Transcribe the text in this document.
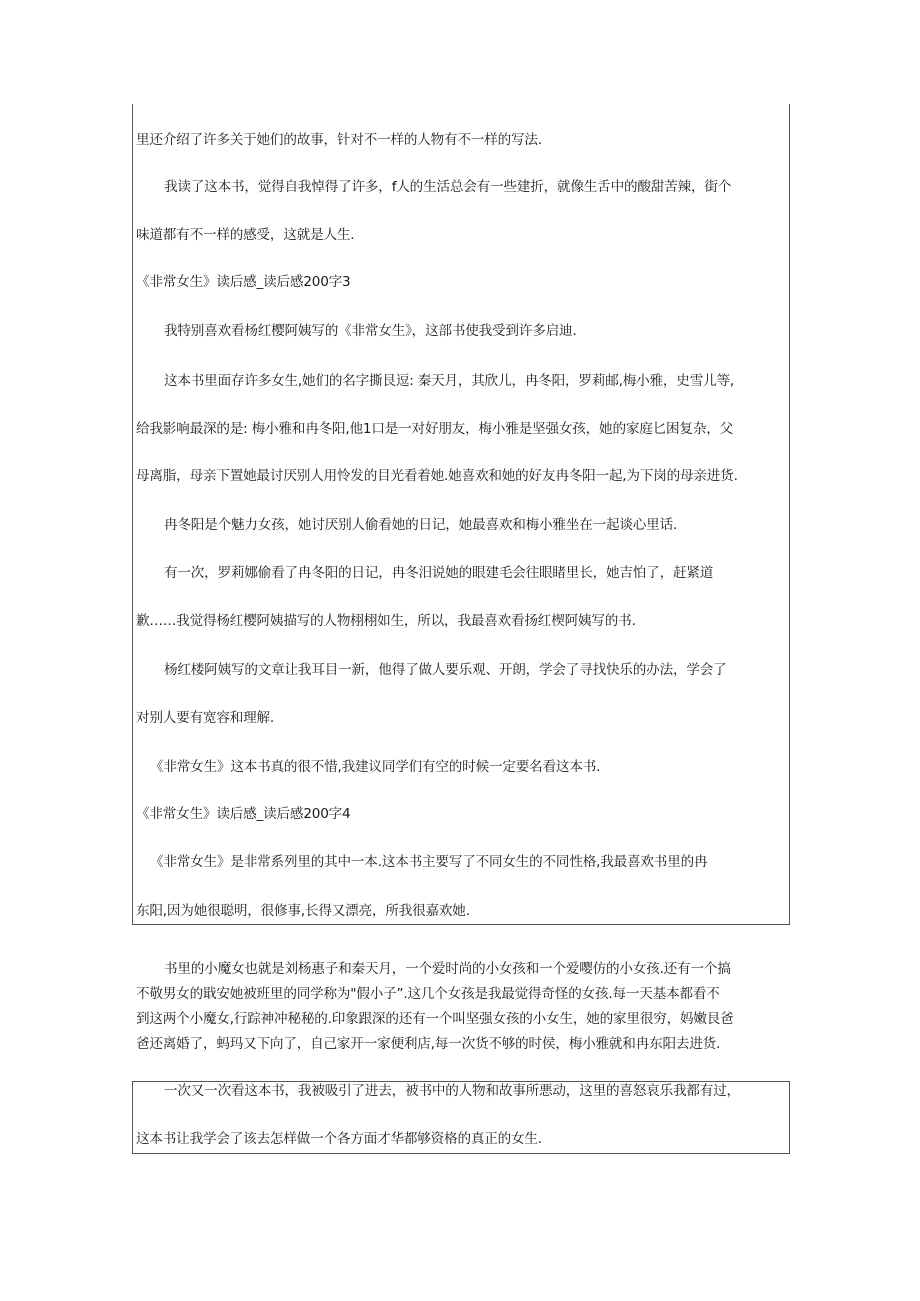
里还介绍了许多关于她们的故事，针对不一样的人物有不一样的写法.

我读了这本书，觉得自我悼得了许多，f人的生活总会有一些建折，就像生舌中的酸甜苦辣，街个

味道都有不一样的感受，这就是人生.

《非常女生》读后感_读后感200字3

我特别喜欢看杨红樱阿姨写的《非常女生》，这部书使我受到许多启迪.

这本书里面存许多女生,她们的名字撕艮逗: 秦天月，其欣儿，冉冬阳，罗莉邮,梅小雅，史雪儿等,

给我影响最深的是: 梅小雅和冉冬阳,他1口是一对好朋友，梅小雅是坚强女孩，她的家庭匕困复杂，父

母离脂，母亲下置她最讨厌别人用怜发的目光看着她.她喜欢和她的好友冉冬阳一起,为下岗的母亲进货.

冉冬阳是个魅力女孩，她讨厌别人偷看她的日记，她最喜欢和梅小雅坐在一起谈心里话.

有一次，罗莉娜偷看了冉冬阳的日记，冉冬汨说她的眼建毛会往眼睹里长，她吉怕了，赶紧道

歉……我觉得杨红樱阿姨描写的人物栩栩如生，所以，我最喜欢看扬红楔阿姨写的书.

杨红楼阿姨写的文章让我耳目一新，他得了做人要乐观、开朗，学会了寻找快乐的办法，学会了

对别人要有宽容和理解.

《非常女生》这本书真的很不惜,我建议同学们有空的时候一定要名看这本书.

《非常女生》读后感_读后感200字4

《非常女生》是非常系列里的其中一本.这本书主要写了不同女生的不同性格,我最喜欢书里的冉

东阳,因为她很聪明，很修事,长得又漂亮，所我很嘉欢她.

书里的小魔女也就是刘杨惠子和秦天月，一个爱时尚的小女孩和一个爱嘤仿的小女孩.还有一个搞

不敬男女的戢安她被班里的同学称为"假小子”.这几个女孩是我最觉得奇怪的女孩.每一天基本都看不

到这两个小魔女,行踪神冲秘秘的.印象跟深的还有一个叫坚强女孩的小女生，她的家里很穷，妈嫩艮爸

爸还离婚了，蚂玛又下向了，自己家开一家便利店,每一次货不够的时侯，梅小雅就和冉东阳去进货.

一次又一次看这本书，我被吸引了进去，被书中的人物和故事所悪动，这里的喜怒哀乐我都有过，

这本书让我学会了该去怎样做一个各方面才华都够资格的真正的女生.
